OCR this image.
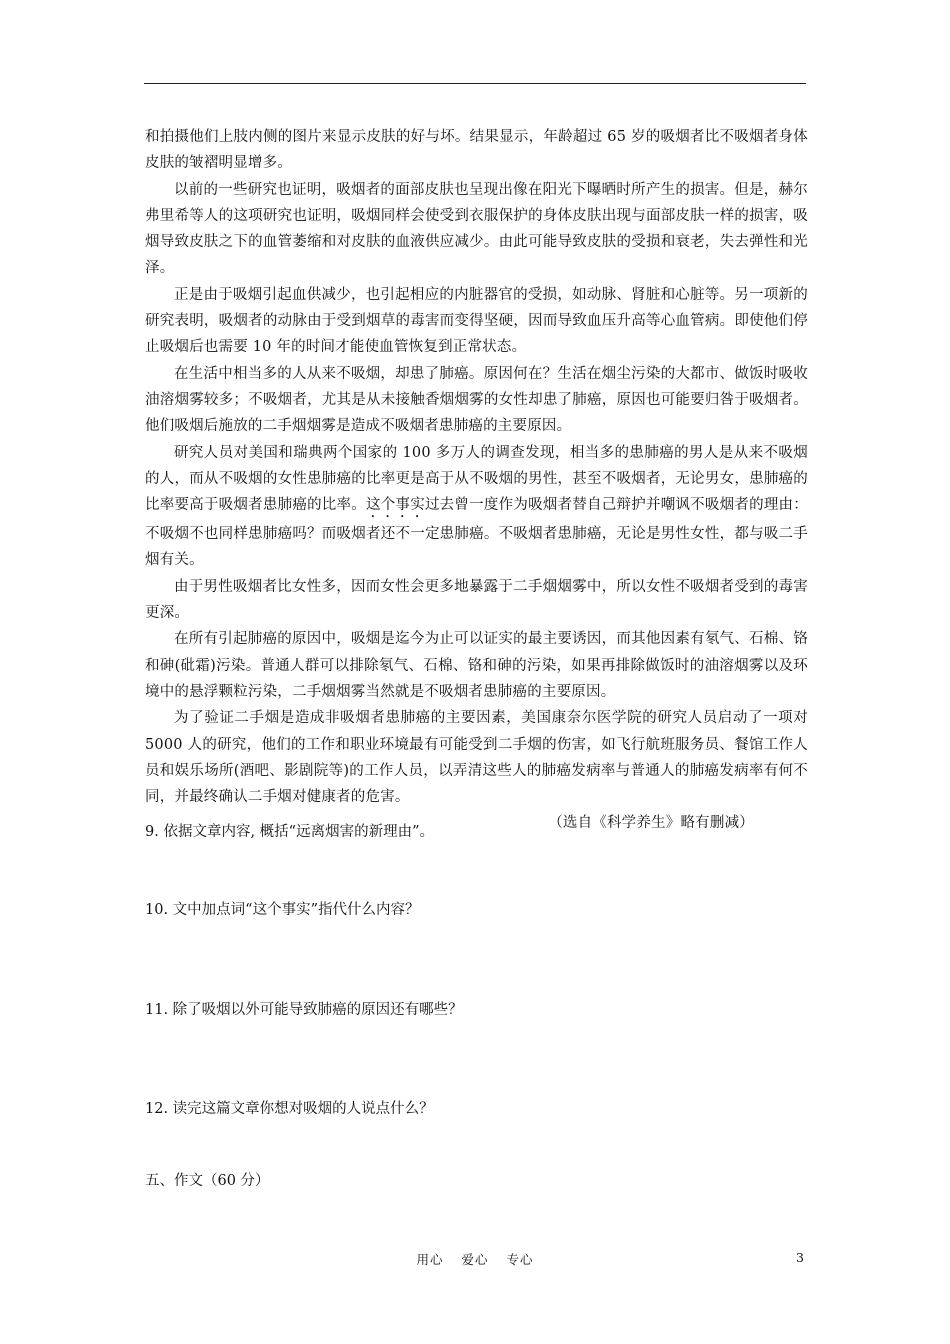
和拍摄他们上肢内侧的图片来显示皮肤的好与坏。结果显示，年龄超过 65 岁的吸烟者比不吸烟者身体皮肤的皱褶明显增多。

以前的一些研究也证明，吸烟者的面部皮肤也呈现出像在阳光下曝晒时所产生的损害。但是，赫尔弗里希等人的这项研究也证明，吸烟同样会使受到衣服保护的身体皮肤出现与面部皮肤一样的损害，吸烟导致皮肤之下的血管萎缩和对皮肤的血液供应减少。由此可能导致皮肤的受损和衰老，失去弹性和光泽。

正是由于吸烟引起血供减少，也引起相应的内脏器官的受损，如动脉、肾脏和心脏等。另一项新的研究表明，吸烟者的动脉由于受到烟草的毒害而变得坚硬，因而导致血压升高等心血管病。即使他们停止吸烟后也需要 10 年的时间才能使血管恢复到正常状态。

在生活中相当多的人从来不吸烟，却患了肺癌。原因何在？生活在烟尘污染的大都市、做饭时吸收油溶烟雾较多；不吸烟者，尤其是从未接触香烟烟雾的女性却患了肺癌，原因也可能要归咎于吸烟者。他们吸烟后施放的二手烟烟雾是造成不吸烟者患肺癌的主要原因。

研究人员对美国和瑞典两个国家的 100 多万人的调查发现，相当多的患肺癌的男人是从来不吸烟的人，而从不吸烟的女性患肺癌的比率更是高于从不吸烟的男性，甚至不吸烟者，无论男女，患肺癌的比率要高于吸烟者患肺癌的比率。这个事实过去曾一度作为吸烟者替自己辩护并嘲讽不吸烟者的理由：不吸烟不也同样患肺癌吗？而吸烟者还不一定患肺癌。不吸烟者患肺癌，无论是男性女性，都与吸二手烟有关。

由于男性吸烟者比女性多，因而女性会更多地暴露于二手烟烟雾中，所以女性不吸烟者受到的毒害更深。

在所有引起肺癌的原因中，吸烟是迄今为止可以证实的最主要诱因，而其他因素有氡气、石棉、铬和砷(砒霜)污染。普通人群可以排除氡气、石棉、铬和砷的污染，如果再排除做饭时的油溶烟雾以及环境中的悬浮颗粒污染，二手烟烟雾当然就是不吸烟者患肺癌的主要原因。

为了验证二手烟是造成非吸烟者患肺癌的主要因素，美国康奈尔医学院的研究人员启动了一项对 5000 人的研究，他们的工作和职业环境最有可能受到二手烟的伤害，如飞行航班服务员、餐馆工作人员和娱乐场所(酒吧、影剧院等)的工作人员，以弄清这些人的肺癌发病率与普通人的肺癌发病率有何不同，并最终确认二手烟对健康者的危害。

（选自《科学养生》略有删减）

9. 依据文章内容, 概括“远离烟害的新理由”。

10. 文中加点词“这个事实”指代什么内容？

11. 除了吸烟以外可能导致肺癌的原因还有哪些？

12. 读完这篇文章你想对吸烟的人说点什么？

五、作文（60 分）

用心 爱心 专心	3
